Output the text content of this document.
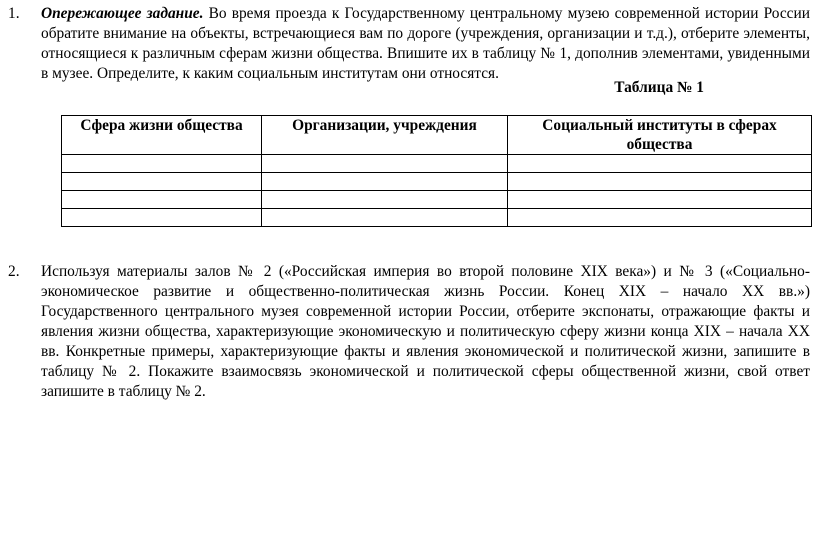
1.	Опережающее задание. Во время проезда к Государственному центральному музею современной истории России обратите внимание на объекты, встречающиеся вам по дороге (учреждения, организации и т.д.), отберите элементы, относящиеся к различным сферам жизни общества. Впишите их в таблицу № 1, дополнив элементами, увиденными в музее. Определите, к каким социальным институтам они относятся.
Таблица № 1
Сфера жизни общества	Организации, учреждения	Социальный институты в сферах общества

2.	Используя материалы залов № 2 («Российская империя во второй половине XIX века») и № 3 («Социально-экономическое развитие и общественно-политическая жизнь России. Конец XIX – начало XX вв.») Государственного центрального музея современной истории России, отберите экспонаты, отражающие факты и явления жизни общества, характеризующие экономическую и политическую сферу жизни конца XIX – начала XX вв. Конкретные примеры, характеризующие факты и явления экономической и политической жизни, запишите в таблицу № 2. Покажите взаимосвязь экономической и политической сферы общественной жизни, свой ответ запишите в таблицу № 2.
